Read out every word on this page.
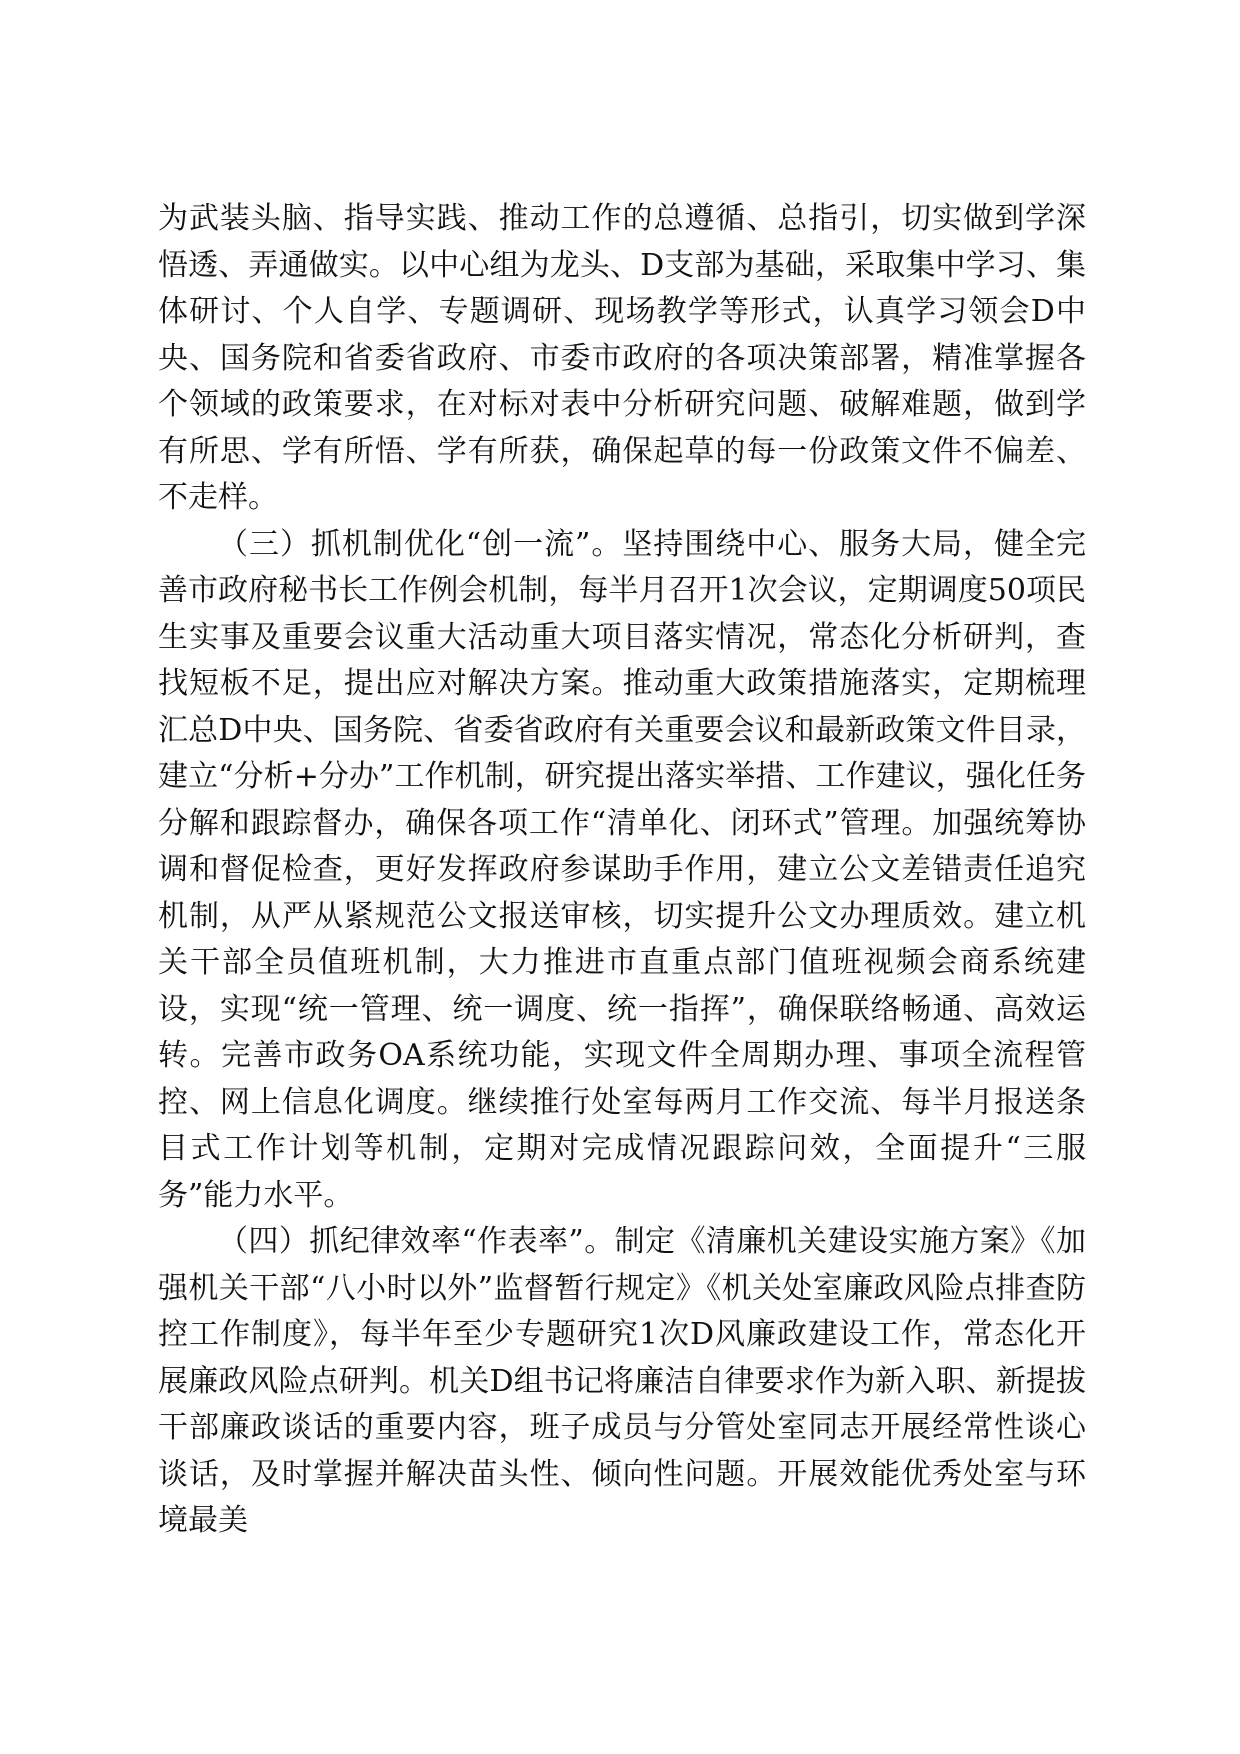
为武装头脑、指导实践、推动工作的总遵循、总指引，切实做到学深悟透、弄通做实。以中心组为龙头、D支部为基础，采取集中学习、集体研讨、个人自学、专题调研、现场教学等形式，认真学习领会D中央、国务院和省委省政府、市委市政府的各项决策部署，精准掌握各个领域的政策要求，在对标对表中分析研究问题、破解难题，做到学有所思、学有所悟、学有所获，确保起草的每一份政策文件不偏差、不走样。

（三）抓机制优化“创一流”。坚持围绕中心、服务大局，健全完善市政府秘书长工作例会机制，每半月召开1次会议，定期调度50项民生实事及重要会议重大活动重大项目落实情况，常态化分析研判，查找短板不足，提出应对解决方案。推动重大政策措施落实，定期梳理汇总D中央、国务院、省委省政府有关重要会议和最新政策文件目录，建立“分析+分办”工作机制，研究提出落实举措、工作建议，强化任务分解和跟踪督办，确保各项工作“清单化、闭环式”管理。加强统筹协调和督促检查，更好发挥政府参谋助手作用，建立公文差错责任追究机制，从严从紧规范公文报送审核，切实提升公文办理质效。建立机关干部全员值班机制，大力推进市直重点部门值班视频会商系统建设，实现“统一管理、统一调度、统一指挥”，确保联络畅通、高效运转。完善市政务OA系统功能，实现文件全周期办理、事项全流程管控、网上信息化调度。继续推行处室每两月工作交流、每半月报送条目式工作计划等机制，定期对完成情况跟踪问效，全面提升“三服务”能力水平。

（四）抓纪律效率“作表率”。制定《清廉机关建设实施方案》《加强机关干部“八小时以外”监督暂行规定》《机关处室廉政风险点排查防控工作制度》，每半年至少专题研究1次D风廉政建设工作，常态化开展廉政风险点研判。机关D组书记将廉洁自律要求作为新入职、新提拔干部廉政谈话的重要内容，班子成员与分管处室同志开展经常性谈心谈话，及时掌握并解决苗头性、倾向性问题。开展效能优秀处室与环境最美
